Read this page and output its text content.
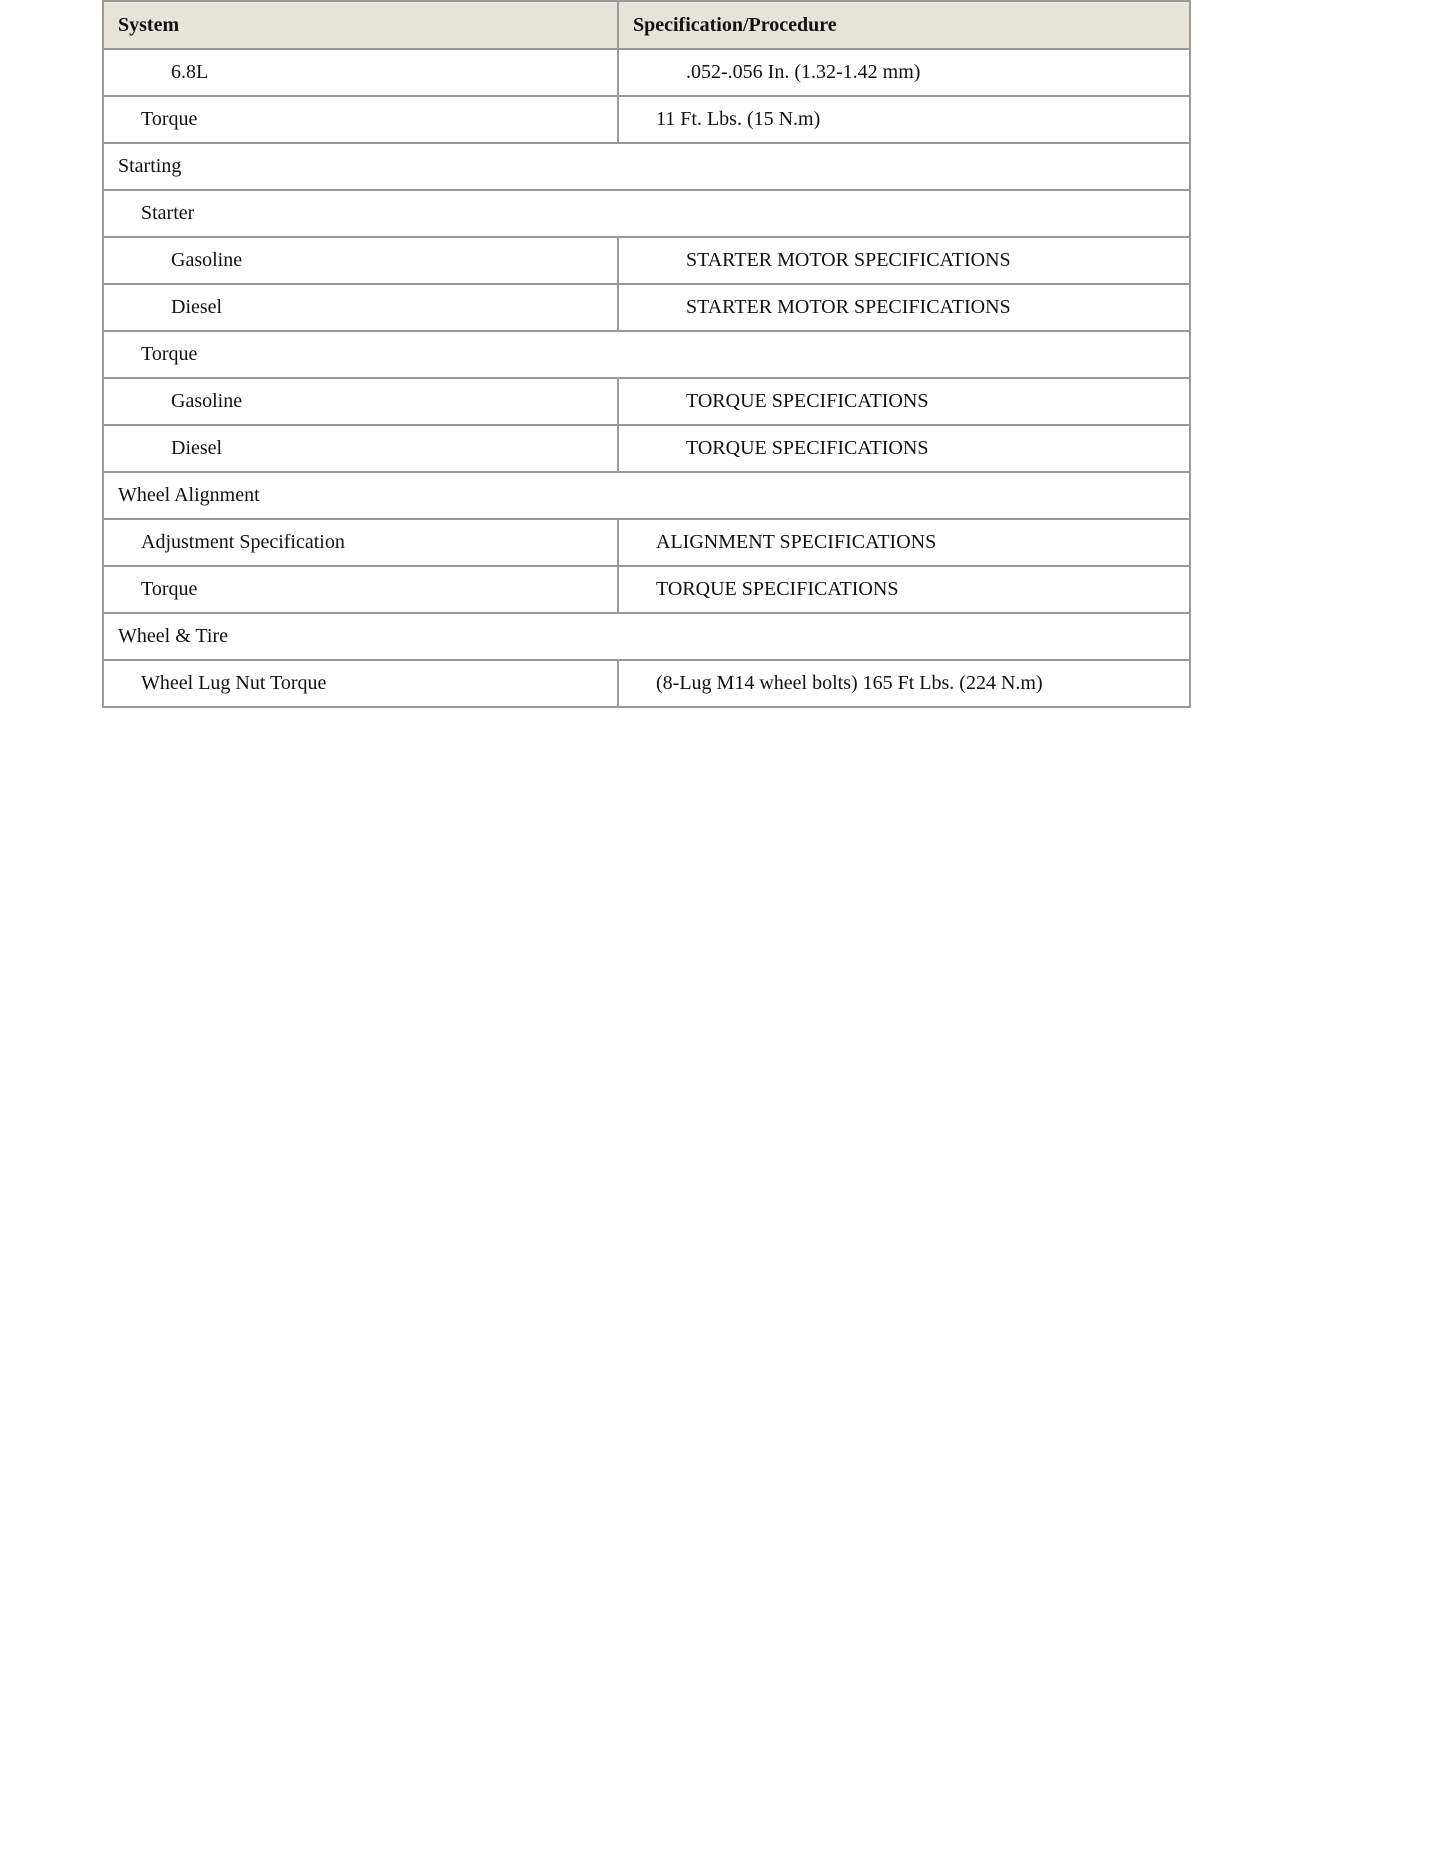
System	Specification/Procedure
6.8L	.052-.056 In. (1.32-1.42 mm)
Torque	11 Ft. Lbs. (15 N.m)
Starting	
Starter	
Gasoline	STARTER MOTOR SPECIFICATIONS
Diesel	STARTER MOTOR SPECIFICATIONS
Torque	
Gasoline	TORQUE SPECIFICATIONS
Diesel	TORQUE SPECIFICATIONS
Wheel Alignment	
Adjustment Specification	ALIGNMENT SPECIFICATIONS
Torque	TORQUE SPECIFICATIONS
Wheel & Tire	
Wheel Lug Nut Torque	(8-Lug M14 wheel bolts) 165 Ft Lbs. (224 N.m)
